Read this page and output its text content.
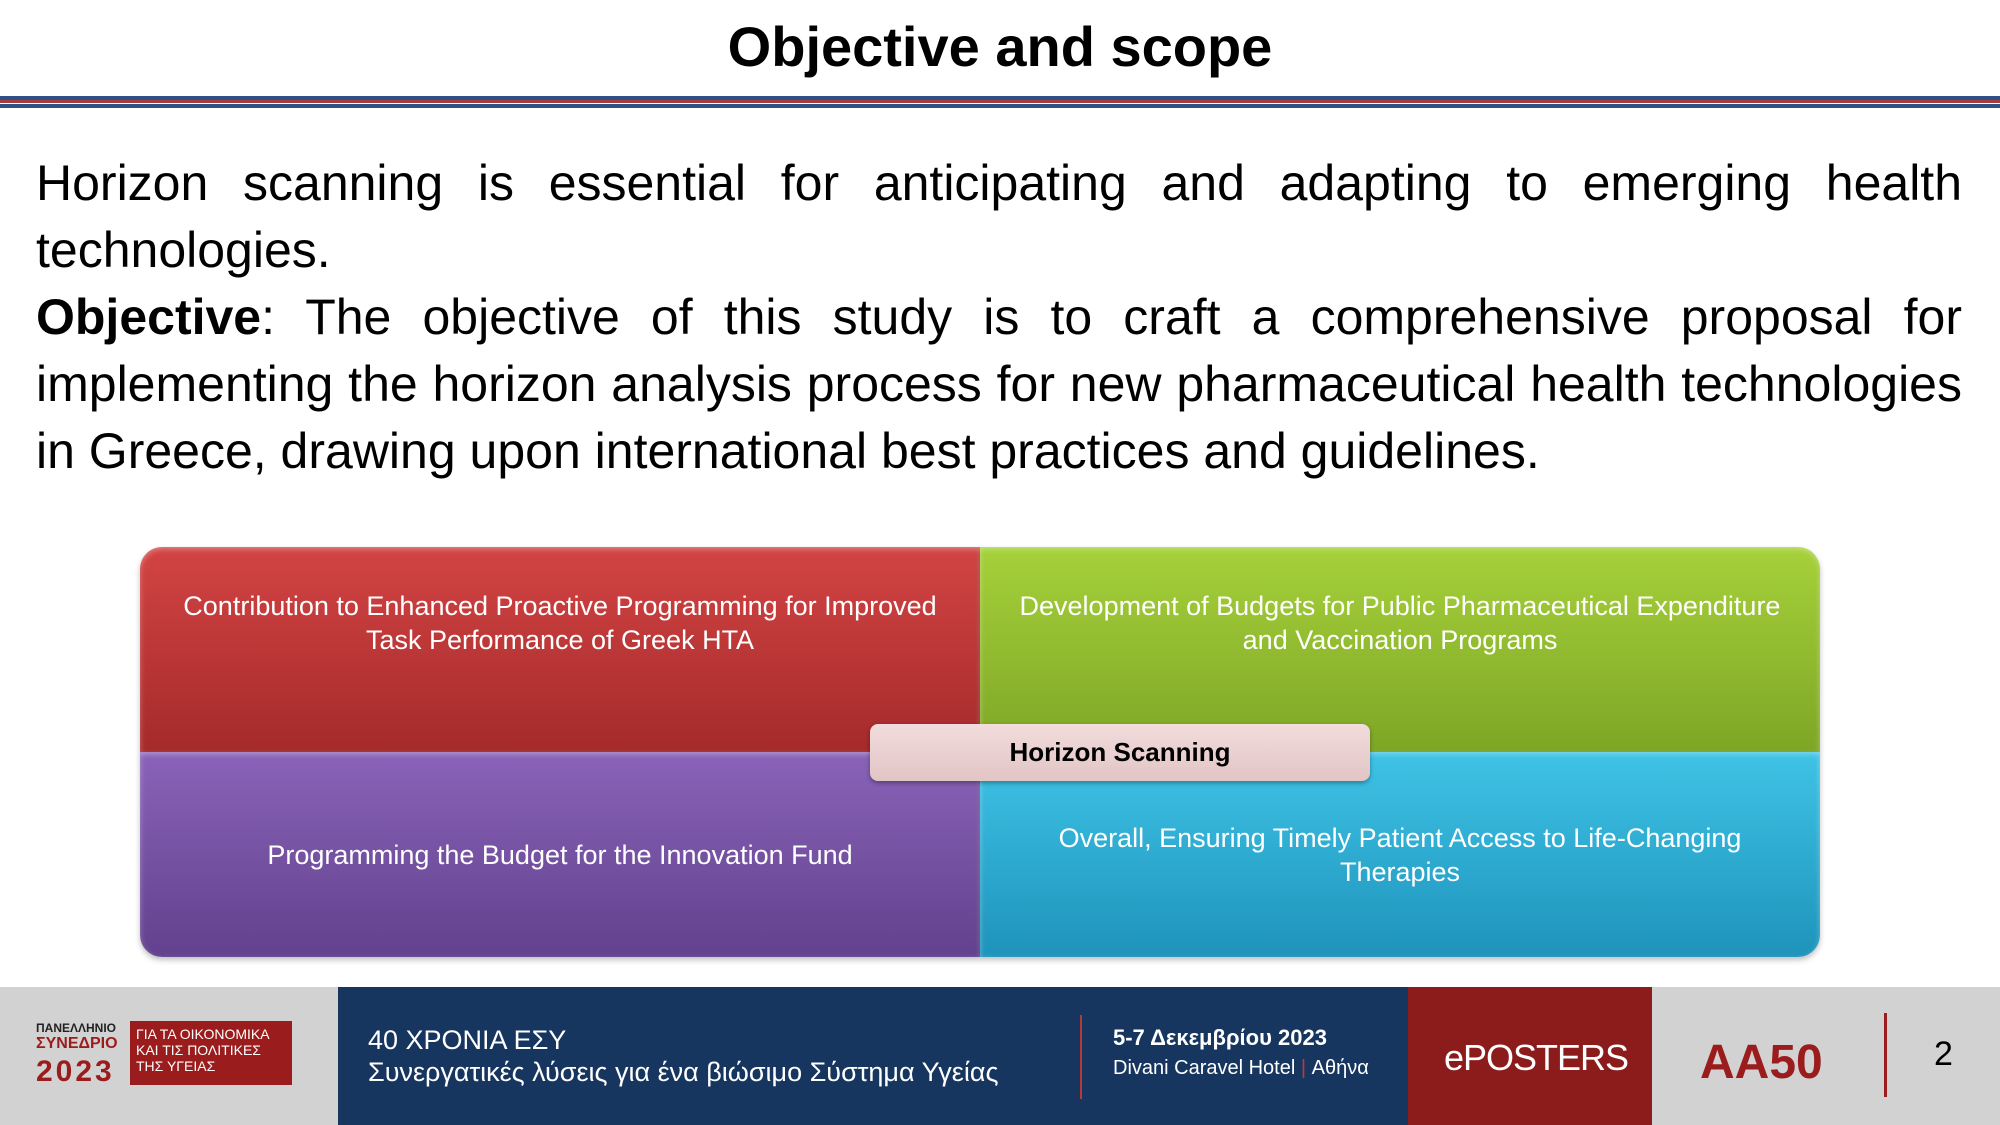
Objective and scope

Horizon scanning is essential for anticipating and adapting to emerging health technologies.

Objective: The objective of this study is to craft a comprehensive proposal for implementing the horizon analysis process for new pharmaceutical health technologies in Greece, drawing upon international best practices and guidelines.

Contribution to Enhanced Proactive Programming for Improved Task Performance of Greek HTA
Development of Budgets for Public Pharmaceutical Expenditure and Vaccination Programs
Programming the Budget for the Innovation Fund
Overall, Ensuring Timely Patient Access to Life-Changing Therapies
Horizon Scanning
ΠΑΝΕΛΛΗΝΙΟ
ΣΥΝΕΔΡΙΟ
2023
ΓΙΑ ΤΑ ΟΙΚΟΝΟΜΙΚΑ
ΚΑΙ ΤΙΣ ΠΟΛΙΤΙΚΕΣ
ΤΗΣ ΥΓΕΙΑΣ
40 ΧΡΟΝΙΑ ΕΣΥ
Συνεργατικές λύσεις για ένα βιώσιμο Σύστημα Υγείας
5-7 Δεκεμβρίου 2023
Divani Caravel Hotel | Αθήνα ePOSTERS AA50	2
